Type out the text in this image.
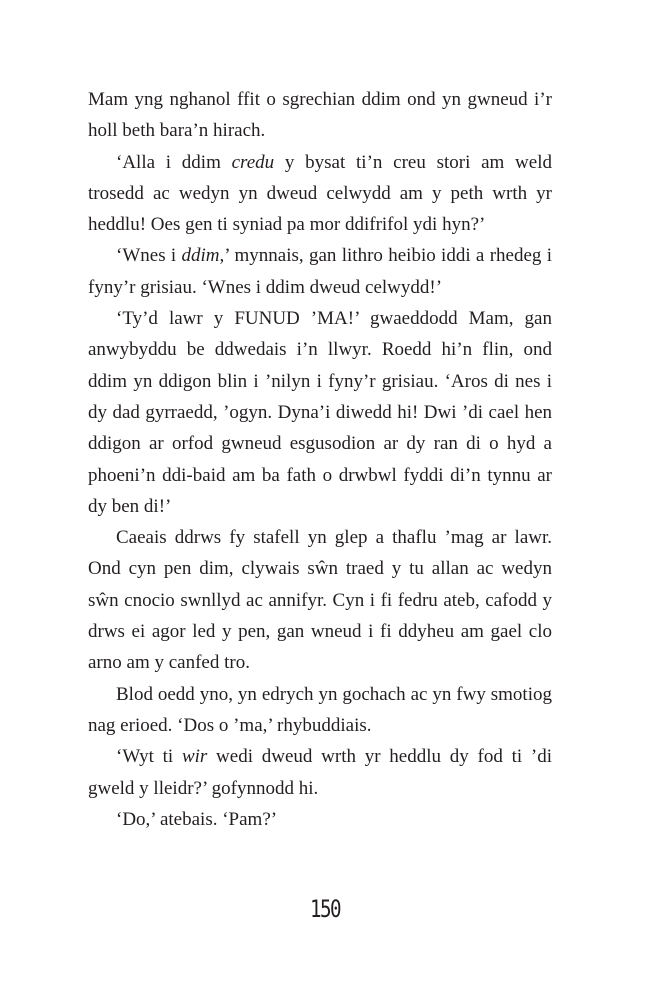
Mam yng nghanol ffit o sgrechian ddim ond yn gwneud i’r holl beth bara’n hirach.

‘Alla i ddim credu y bysat ti’n creu stori am weld trosedd ac wedyn yn dweud celwydd am y peth wrth yr heddlu! Oes gen ti syniad pa mor ddifrifol ydi hyn?’

‘Wnes i ddim,’ mynnais, gan lithro heibio iddi a rhedeg i fyny’r grisiau. ‘Wnes i ddim dweud celwydd!’

‘Ty’d lawr y FUNUD ’MA!’ gwaeddodd Mam, gan anwybyddu be ddwedais i’n llwyr. Roedd hi’n flin, ond ddim yn ddigon blin i ’nilyn i fyny’r grisiau. ‘Aros di nes i dy dad gyrraedd, ’ogyn. Dyna’i diwedd hi! Dwi ’di cael hen ddigon ar orfod gwneud esgusodion ar dy ran di o hyd a phoeni’n ddi-baid am ba fath o drwbwl fyddi di’n tynnu ar dy ben di!’

Caeais ddrws fy stafell yn glep a thaflu ’mag ar lawr. Ond cyn pen dim, clywais sŵn traed y tu allan ac wedyn sŵn cnocio swnllyd ac annifyr. Cyn i fi fedru ateb, cafodd y drws ei agor led y pen, gan wneud i fi ddyheu am gael clo arno am y canfed tro.

Blod oedd yno, yn edrych yn gochach ac yn fwy smotiog nag erioed. ‘Dos o ’ma,’ rhybuddiais.

‘Wyt ti wir wedi dweud wrth yr heddlu dy fod ti ’di gweld y lleidr?’ gofynnodd hi.

‘Do,’ atebais. ‘Pam?’

150
